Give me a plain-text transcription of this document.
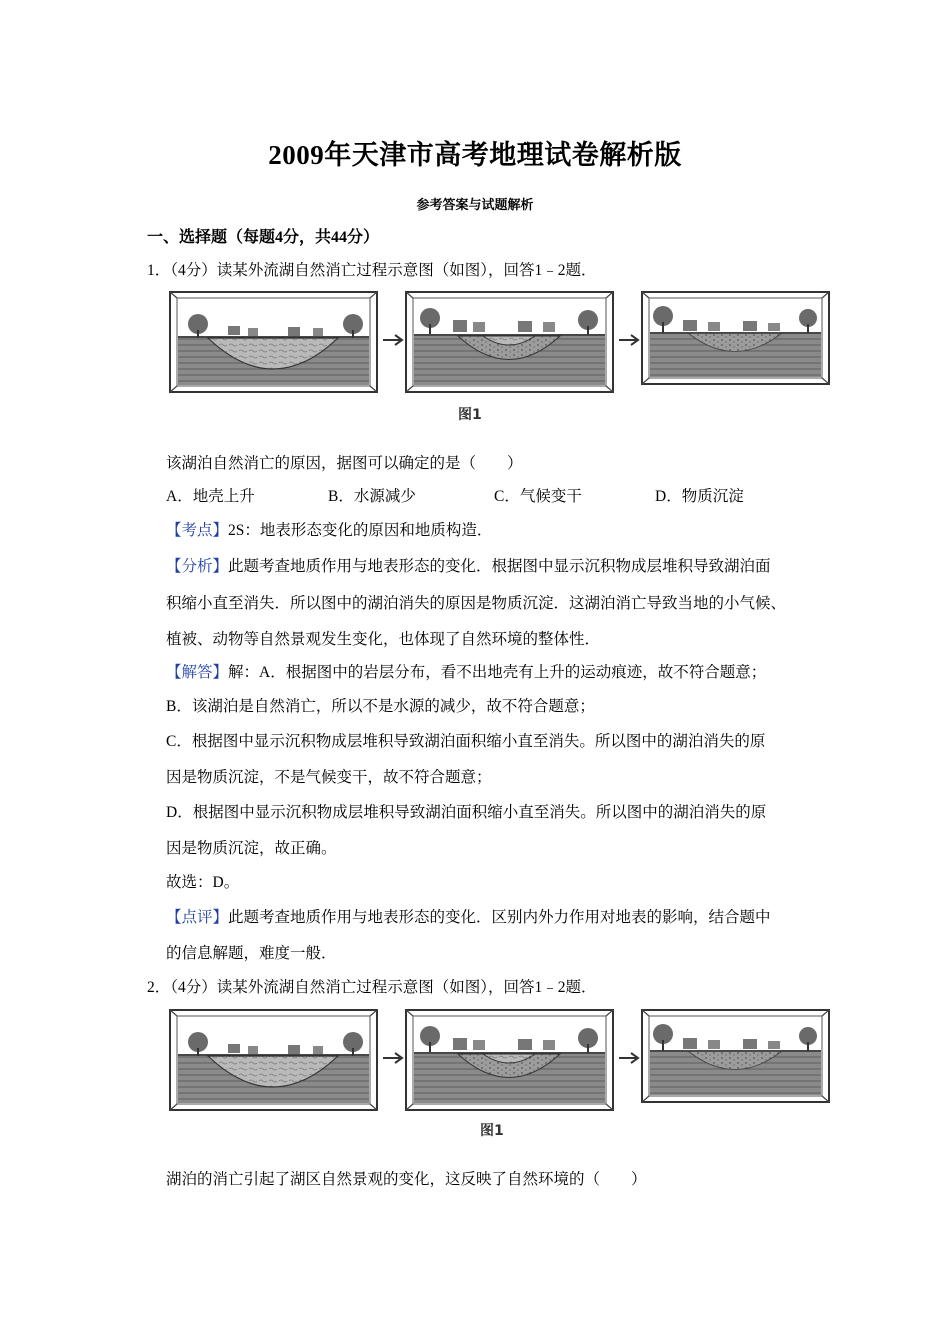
2009年天津市高考地理试卷解析版
参考答案与试题解析
一、选择题（每题4分，共44分）
1．（4分）读某外流湖自然消亡过程示意图（如图），回答1﹣2题．
图1
该湖泊自然消亡的原因，据图可以确定的是（　　）
A．地壳上升	B．水源减少	C．气候变干	D．物质沉淀
【考点】2S：地表形态变化的原因和地质构造．
【分析】此题考查地质作用与地表形态的变化．根据图中显示沉积物成层堆积导致湖泊面
积缩小直至消失．所以图中的湖泊消失的原因是物质沉淀．这湖泊消亡导致当地的小气候、
植被、动物等自然景观发生变化，也体现了自然环境的整体性．
【解答】解：A．根据图中的岩层分布，看不出地壳有上升的运动痕迹，故不符合题意；
B．该湖泊是自然消亡，所以不是水源的减少，故不符合题意；
C．根据图中显示沉积物成层堆积导致湖泊面积缩小直至消失。所以图中的湖泊消失的原
因是物质沉淀，不是气候变干，故不符合题意；
D．根据图中显示沉积物成层堆积导致湖泊面积缩小直至消失。所以图中的湖泊消失的原
因是物质沉淀，故正确。
故选：D。
【点评】此题考查地质作用与地表形态的变化．区别内外力作用对地表的影响，结合题中
的信息解题，难度一般．
2．（4分）读某外流湖自然消亡过程示意图（如图），回答1﹣2题．
图1
湖泊的消亡引起了湖区自然景观的变化，这反映了自然环境的（　　）
